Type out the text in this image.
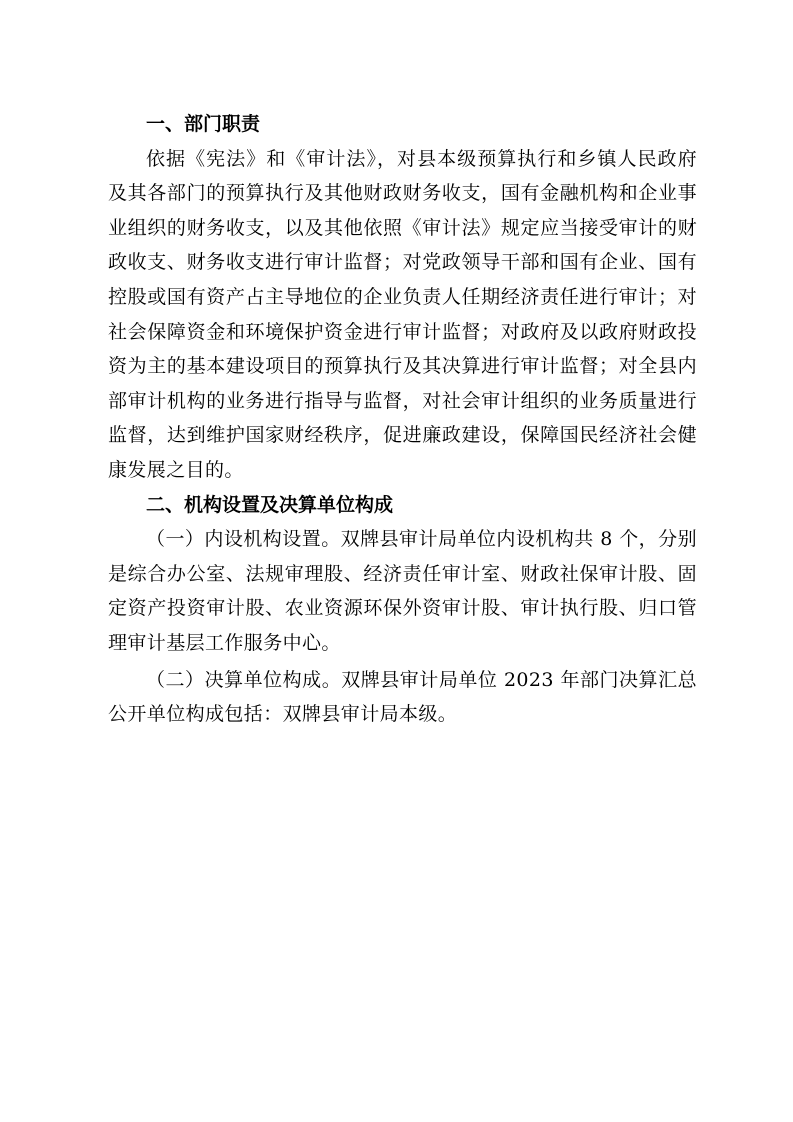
一、部门职责

依据《宪法》和《审计法》，对县本级预算执行和乡镇人民政府及其各部门的预算执行及其他财政财务收支，国有金融机构和企业事业组织的财务收支，以及其他依照《审计法》规定应当接受审计的财政收支、财务收支进行审计监督；对党政领导干部和国有企业、国有控股或国有资产占主导地位的企业负责人任期经济责任进行审计；对社会保障资金和环境保护资金进行审计监督；对政府及以政府财政投资为主的基本建设项目的预算执行及其决算进行审计监督；对全县内部审计机构的业务进行指导与监督，对社会审计组织的业务质量进行监督，达到维护国家财经秩序，促进廉政建设，保障国民经济社会健康发展之目的。

二、机构设置及决算单位构成

（一）内设机构设置。双牌县审计局单位内设机构共 8 个，分别是综合办公室、法规审理股、经济责任审计室、财政社保审计股、固定资产投资审计股、农业资源环保外资审计股、审计执行股、归口管理审计基层工作服务中心。

（二）决算单位构成。双牌县审计局单位 2023 年部门决算汇总公开单位构成包括：双牌县审计局本级。
